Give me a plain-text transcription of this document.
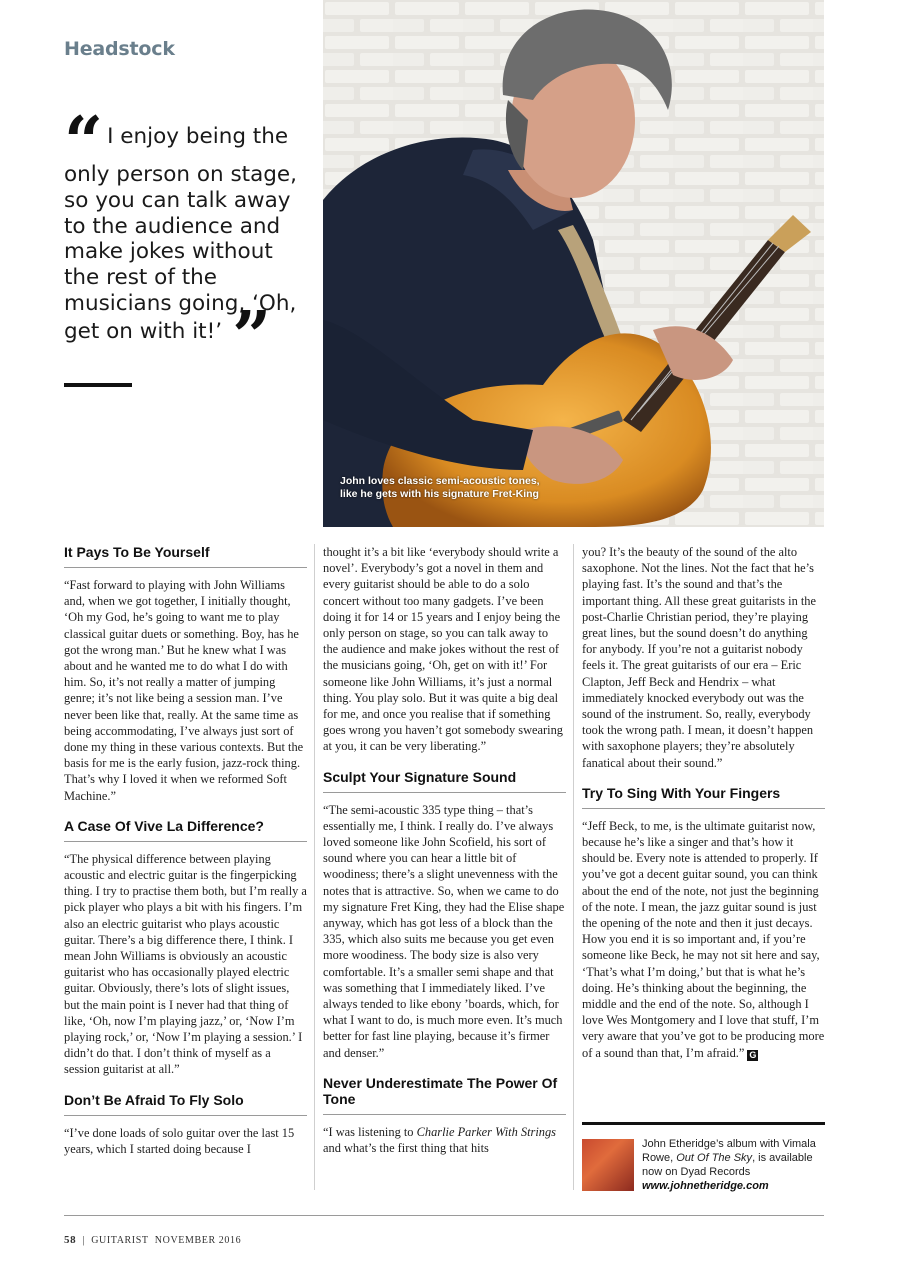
Headstock
“ I enjoy being the only person on stage, so you can talk away to the audience and make jokes without the rest of the musicians going, ‘Oh, get on with it!’ ”
John loves classic semi-acoustic tones, like he gets with his signature Fret-King
It Pays To Be Yourself

“Fast forward to playing with John Williams and, when we got together, I initially thought, ‘Oh my God, he’s going to want me to play classical guitar duets or something. Boy, has he got the wrong man.’ But he knew what I was about and he wanted me to do what I do with him. So, it’s not really a matter of jumping genre; it’s not like being a session man. I’ve never been like that, really. At the same time as being accommodating, I’ve always just sort of done my thing in these various contexts. But the basis for me is the early fusion, jazz-rock thing. That’s why I loved it when we reformed Soft Machine.”

A Case Of Vive La Difference?

“The physical difference between playing acoustic and electric guitar is the fingerpicking thing. I try to practise them both, but I’m really a pick player who plays a bit with his fingers. I’m also an electric guitarist who plays acoustic guitar. There’s a big difference there, I think. I mean John Williams is obviously an acoustic guitarist who has occasionally played electric guitar. Obviously, there’s lots of slight issues, but the main point is I never had that thing of like, ‘Oh, now I’m playing jazz,’ or, ‘Now I’m playing rock,’ or, ‘Now I’m playing a session.’ I didn’t do that. I don’t think of myself as a session guitarist at all.”

Don’t Be Afraid To Fly Solo

“I’ve done loads of solo guitar over the last 15 years, which I started doing because I

thought it’s a bit like ‘everybody should write a novel’. Everybody’s got a novel in them and every guitarist should be able to do a solo concert without too many gadgets. I’ve been doing it for 14 or 15 years and I enjoy being the only person on stage, so you can talk away to the audience and make jokes without the rest of the musicians going, ‘Oh, get on with it!’ For someone like John Williams, it’s just a normal thing. You play solo. But it was quite a big deal for me, and once you realise that if something goes wrong you haven’t got somebody swearing at you, it can be very liberating.”

Sculpt Your Signature Sound

“The semi-acoustic 335 type thing – that’s essentially me, I think. I really do. I’ve always loved someone like John Scofield, his sort of sound where you can hear a little bit of woodiness; there’s a slight unevenness with the notes that is attractive. So, when we came to do my signature Fret King, they had the Elise shape anyway, which has got less of a block than the 335, which also suits me because you get even more woodiness. The body size is also very comfortable. It’s a smaller semi shape and that was something that I immediately liked. I’ve always tended to like ebony ’boards, which, for what I want to do, is much more even. It’s much better for fast line playing, because it’s firmer and denser.”

Never Underestimate The Power Of Tone

“I was listening to Charlie Parker With Strings and what’s the first thing that hits

you? It’s the beauty of the sound of the alto saxophone. Not the lines. Not the fact that he’s playing fast. It’s the sound and that’s the important thing. All these great guitarists in the post-Charlie Christian period, they’re playing great lines, but the sound doesn’t do anything for anybody. If you’re not a guitarist nobody feels it. The great guitarists of our era – Eric Clapton, Jeff Beck and Hendrix – what immediately knocked everybody out was the sound of the instrument. So, really, everybody took the wrong path. I mean, it doesn’t happen with saxophone players; they’re absolutely fanatical about their sound.”

Try To Sing With Your Fingers

“Jeff Beck, to me, is the ultimate guitarist now, because he’s like a singer and that’s how it should be. Every note is attended to properly. If you’ve got a decent guitar sound, you can think about the end of the note, not just the beginning of the note. I mean, the jazz guitar sound is just the opening of the note and then it just decays. How you end it is so important and, if you’re someone like Beck, he may not sit here and say, ‘That’s what I’m doing,’ but that is what he’s doing. He’s thinking about the beginning, the middle and the end of the note. So, although I love Wes Montgomery and I love that stuff, I’m very aware that you’ve got to be producing more of a sound than that, I’m afraid.” G

John Etheridge’s album with Vimala Rowe, Out Of The Sky, is available now on Dyad Records
www.johnetheridge.com
58 | GUITARIST NOVEMBER 2016
